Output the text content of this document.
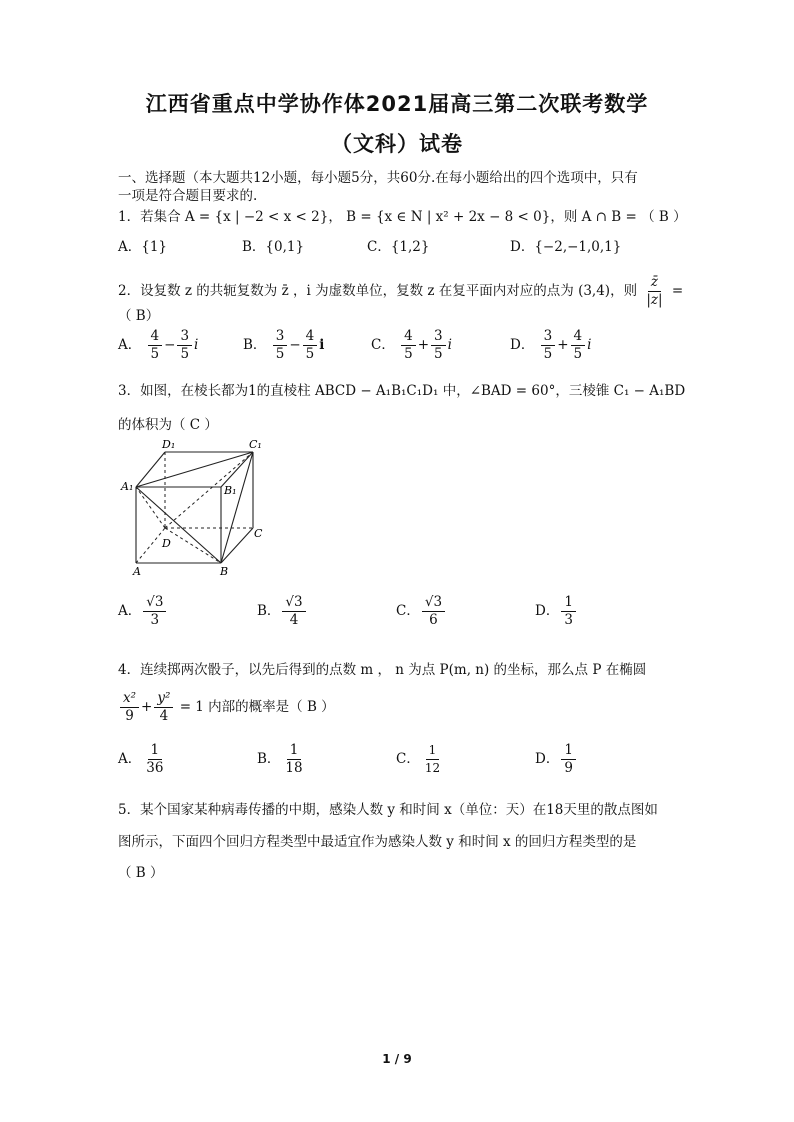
江西省重点中学协作体2021届高三第二次联考数学
（文科）试卷
一、选择题（本大题共12小题，每小题5分，共60分.在每小题给出的四个选项中，只有
一项是符合题目要求的.
1．若集合 A = {x | −2 < x < 2}， B = {x ∈ N | x² + 2x − 8 < 0}，则 A ∩ B = （ B ）
A．{1}	B．{0,1}	C．{1,2}	D．{−2,−1,0,1}
2．设复数 z 的共轭复数为 z̄ ，i 为虚数单位，复数 z 在复平面内对应的点为 (3,4)，则 $\frac{z̄}{|z|}$ =
（ B）
A． $\frac{4}{5} - \frac{3}{5}$ i	B． $\frac{3}{5} - \frac{4}{5}$ i	C． $\frac{4}{5} + \frac{3}{5}$ i	D． $\frac{3}{5} + \frac{4}{5}$ i
3．如图，在棱长都为1的直棱柱 ABCD − A₁B₁C₁D₁ 中，∠BAD = 60°，三棱锥 C₁ − A₁BD
的体积为（ C ）
D₁	C₁
A₁	B₁
C
D
A	B
A． $\frac{√3}{3}$	B． $\frac{√3}{4}$	C． $\frac{√3}{6}$	D． $\frac{1}{3}$
4．连续掷两次骰子，以先后得到的点数 m ， n 为点 P(m, n) 的坐标，那么点 P 在椭圆
$\frac{\text{x²}}{9} + \frac{\text{y²}}{4} = 1$ 内部的概率是（ B ）
A． $\frac{1}{36}$	B． $\frac{1}{18}$	C． $\frac{1}{12}$	D． $\frac{1}{9}$
5．某个国家某种病毒传播的中期，感染人数 y 和时间 x（单位：天）在18天里的散点图如
图所示，下面四个回归方程类型中最适宜作为感染人数 y 和时间 x 的回归方程类型的是
（ B ）
1 / 9
